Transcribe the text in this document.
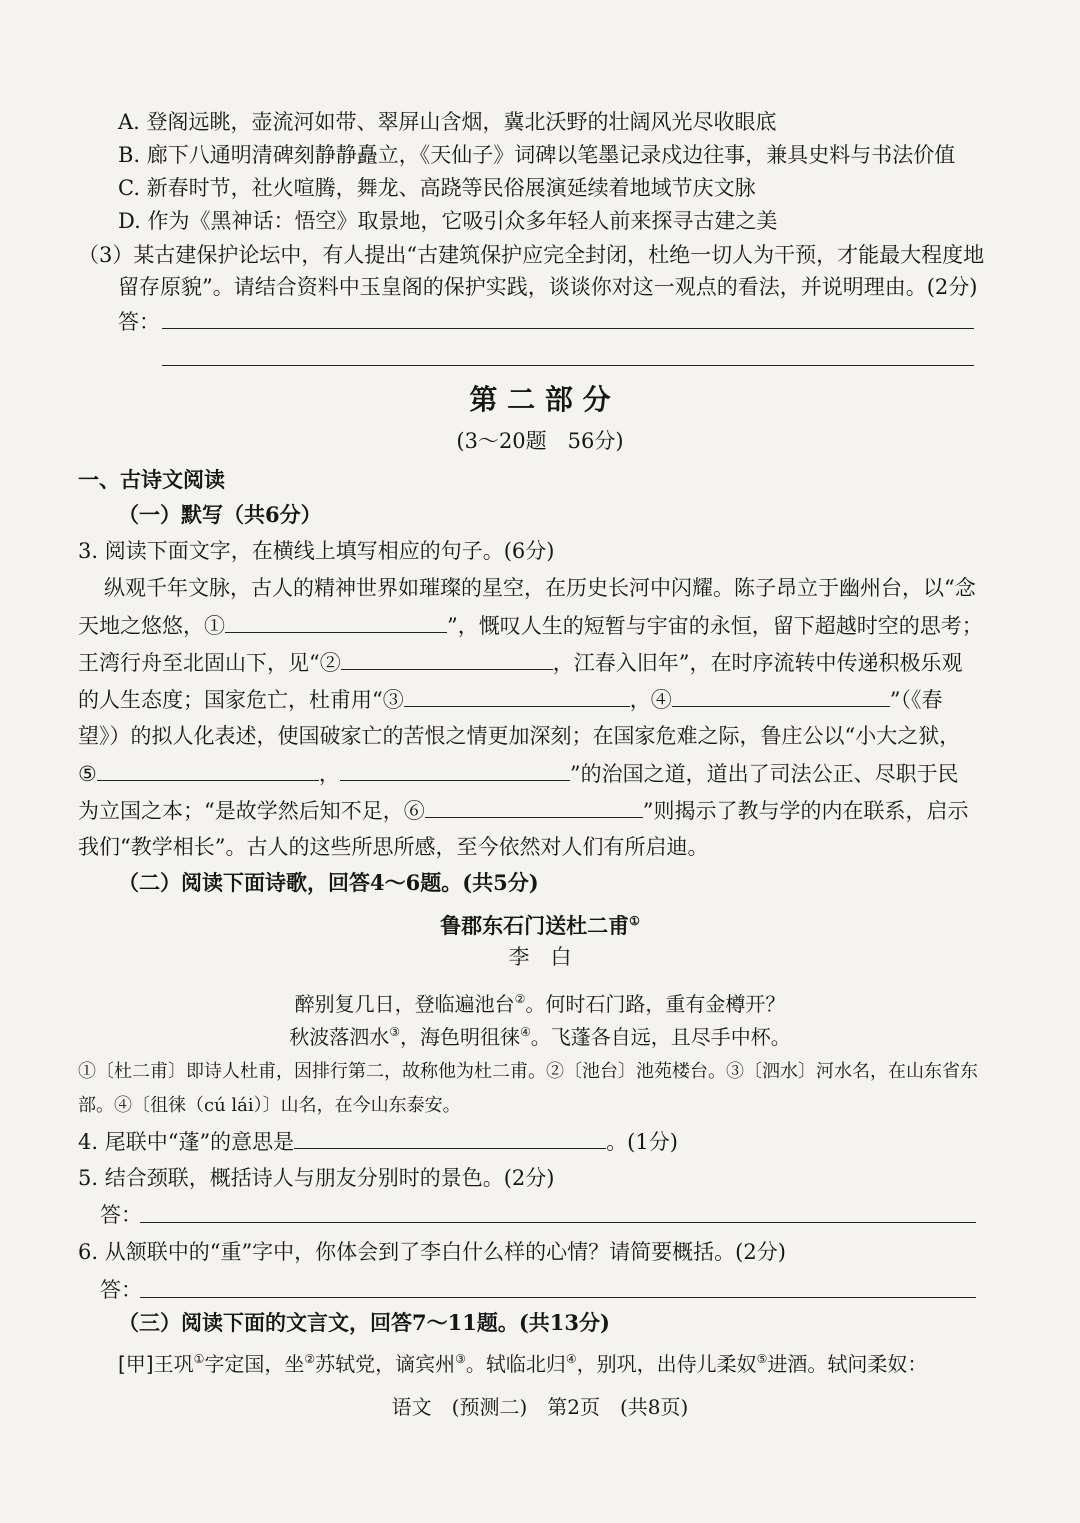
A. 登阁远眺，壶流河如带、翠屏山含烟，冀北沃野的壮阔风光尽收眼底
B. 廊下八通明清碑刻静静矗立，《天仙子》词碑以笔墨记录戍边往事，兼具史料与书法价值
C. 新春时节，社火喧腾，舞龙、高跷等民俗展演延续着地域节庆文脉
D. 作为《黑神话：悟空》取景地，它吸引众多年轻人前来探寻古建之美
（3）某古建保护论坛中，有人提出“古建筑保护应完全封闭，杜绝一切人为干预，才能最大程度地
留存原貌”。请结合资料中玉皇阁的保护实践，谈谈你对这一观点的看法，并说明理由。(2分)
答：
第 二 部 分
(3～20题　56分)
一、古诗文阅读
（一）默写（共6分）
3. 阅读下面文字，在横线上填写相应的句子。(6分)
纵观千年文脉，古人的精神世界如璀璨的星空，在历史长河中闪耀。陈子昂立于幽州台，以“念
天地之悠悠，①	”，慨叹人生的短暂与宇宙的永恒，留下超越时空的思考；
王湾行舟至北固山下，见“②	，江春入旧年”，在时序流转中传递积极乐观
的人生态度；国家危亡，杜甫用“③	，④	”（《春
望》）的拟人化表述，使国破家亡的苦恨之情更加深刻；在国家危难之际，鲁庄公以“小大之狱，
⑤	，	”的治国之道，道出了司法公正、尽职于民
为立国之本；“是故学然后知不足，⑥	”则揭示了教与学的内在联系，启示
我们“教学相长”。古人的这些所思所感，至今依然对人们有所启迪。
（二）阅读下面诗歌，回答4～6题。(共5分)
鲁郡东石门送杜二甫①
李　白
醉别复几日，登临遍池台②。何时石门路，重有金樽开？
秋波落泗水③，海色明徂徕④。飞蓬各自远，且尽手中杯。
①〔杜二甫〕即诗人杜甫，因排行第二，故称他为杜二甫。②〔池台〕池苑楼台。③〔泗水〕河水名，在山东省东
部。④〔徂徕（cú lái）〕山名，在今山东泰安。
4. 尾联中“蓬”的意思是	。(1分)
5. 结合颈联，概括诗人与朋友分别时的景色。(2分)
答：
6. 从颔联中的“重”字中，你体会到了李白什么样的心情？请简要概括。(2分)
答：
（三）阅读下面的文言文，回答7～11题。(共13分)
[甲]王巩①字定国，坐②苏轼党，谪宾州③。轼临北归④，别巩，出侍儿柔奴⑤进酒。轼问柔奴：
语文　(预测二)　第2页　(共8页)
